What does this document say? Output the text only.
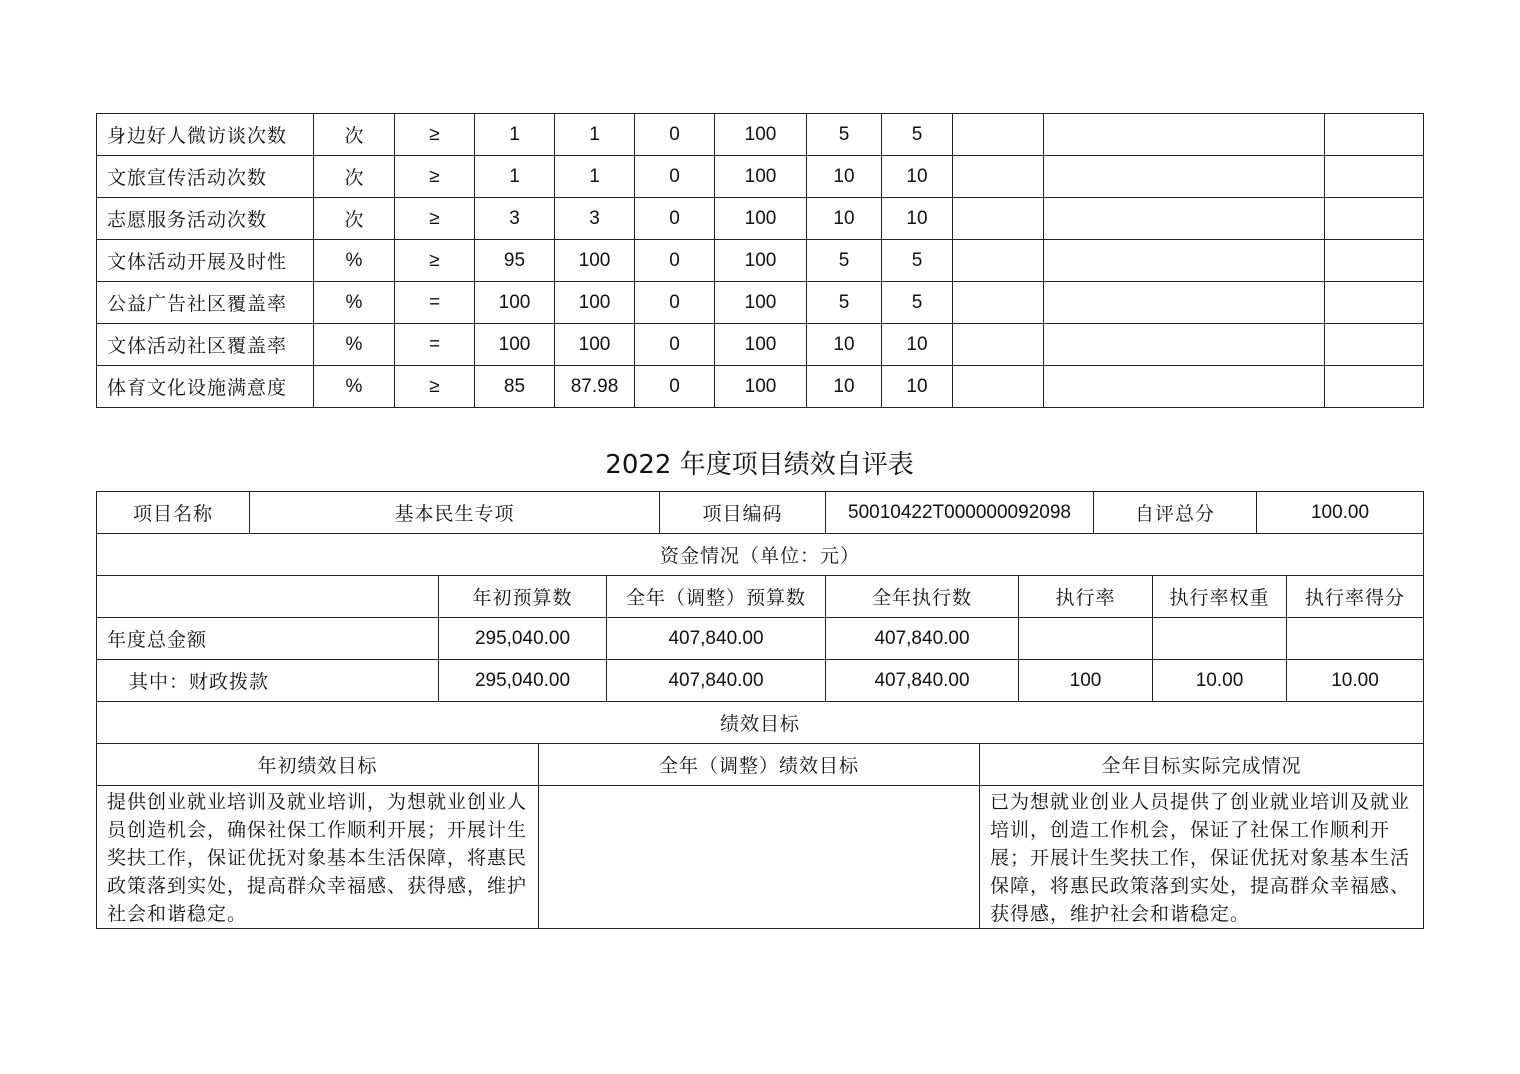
身边好人微访谈次数	次	≥	1	1	0	100	5	5			
文旅宣传活动次数	次	≥	1	1	0	100	10	10			
志愿服务活动次数	次	≥	3	3	0	100	10	10			
文体活动开展及时性	%	≥	95	100	0	100	5	5			
公益广告社区覆盖率	%	=	100	100	0	100	5	5			
文体活动社区覆盖率	%	=	100	100	0	100	10	10			
体育文化设施满意度	%	≥	85	87.98	0	100	10	10			
2022 年度项目绩效自评表
项目名称	基本民生专项	项目编码	50010422T000000092098	自评总分	100.00
资金情况（单位：元）
	年初预算数	全年（调整）预算数	全年执行数	执行率	执行率权重	执行率得分
年度总金额	295,040.00	407,840.00	407,840.00			
其中：财政拨款	295,040.00	407,840.00	407,840.00	100	10.00	10.00
绩效目标						
年初绩效目标	全年（调整）绩效目标	全年目标实际完成情况
提供创业就业培训及就业培训，为想就业创业人员创造机会，确保社保工作顺利开展；开展计生奖扶工作，保证优抚对象基本生活保障，将惠民政策落到实处，提高群众幸福感、获得感，维护社会和谐稳定。		已为想就业创业人员提供了创业就业培训及就业培训，创造工作机会，保证了社保工作顺利开展；开展计生奖扶工作，保证优抚对象基本生活保障，将惠民政策落到实处，提高群众幸福感、获得感，维护社会和谐稳定。
